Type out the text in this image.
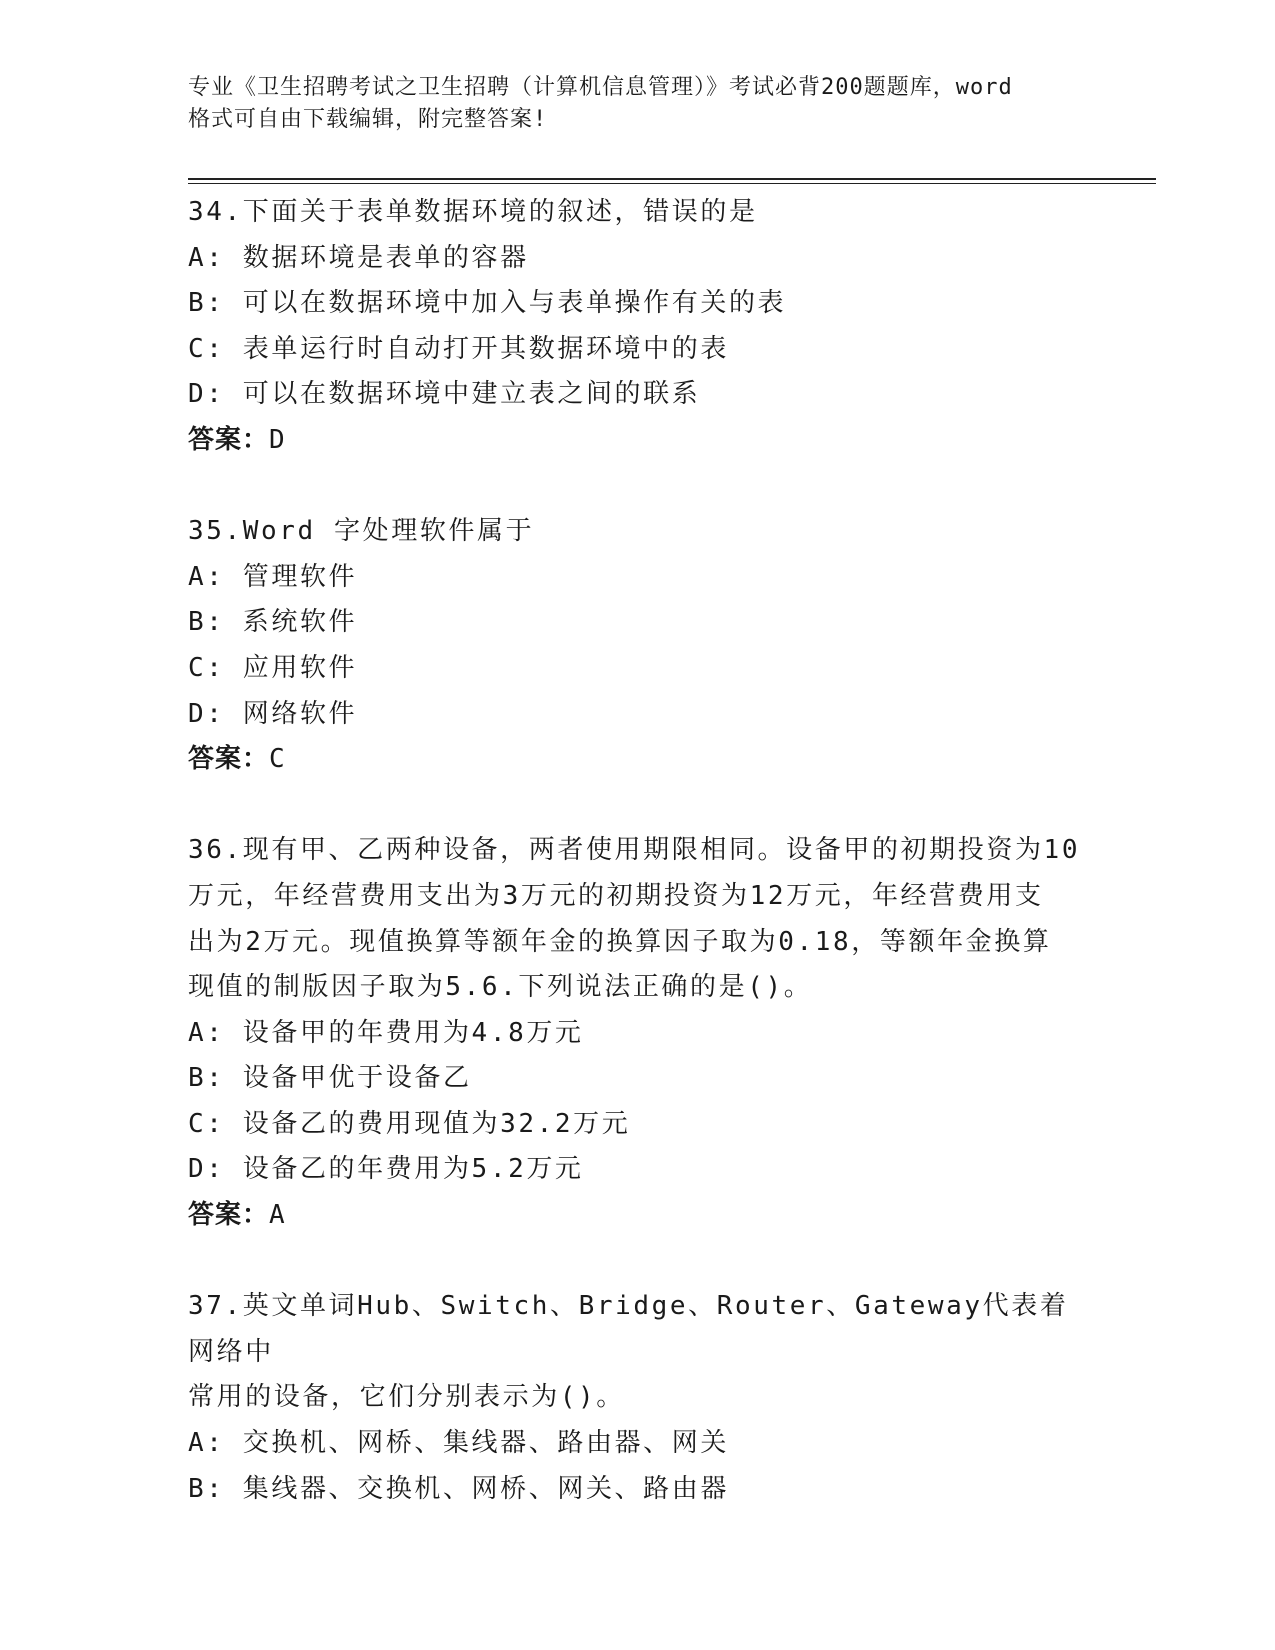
专业《卫生招聘考试之卫生招聘（计算机信息管理）》考试必背200题题库，word
格式可自由下载编辑，附完整答案!
34.下面关于表单数据环境的叙述，错误的是
A: 数据环境是表单的容器
B: 可以在数据环境中加入与表单操作有关的表
C: 表单运行时自动打开其数据环境中的表
D: 可以在数据环境中建立表之间的联系
答案：D
35.Word 字处理软件属于
A: 管理软件
B: 系统软件
C: 应用软件
D: 网络软件
答案：C
36.现有甲、乙两种设备，两者使用期限相同。设备甲的初期投资为10
万元，年经营费用支出为3万元的初期投资为12万元，年经营费用支
出为2万元。现值换算等额年金的换算因子取为0.18，等额年金换算
现值的制版因子取为5.6.下列说法正确的是()。
A: 设备甲的年费用为4.8万元
B: 设备甲优于设备乙
C: 设备乙的费用现值为32.2万元
D: 设备乙的年费用为5.2万元
答案：A
37.英文单词Hub、Switch、Bridge、Router、Gateway代表着网络中
常用的设备，它们分别表示为()。
A: 交换机、网桥、集线器、路由器、网关
B: 集线器、交换机、网桥、网关、路由器
